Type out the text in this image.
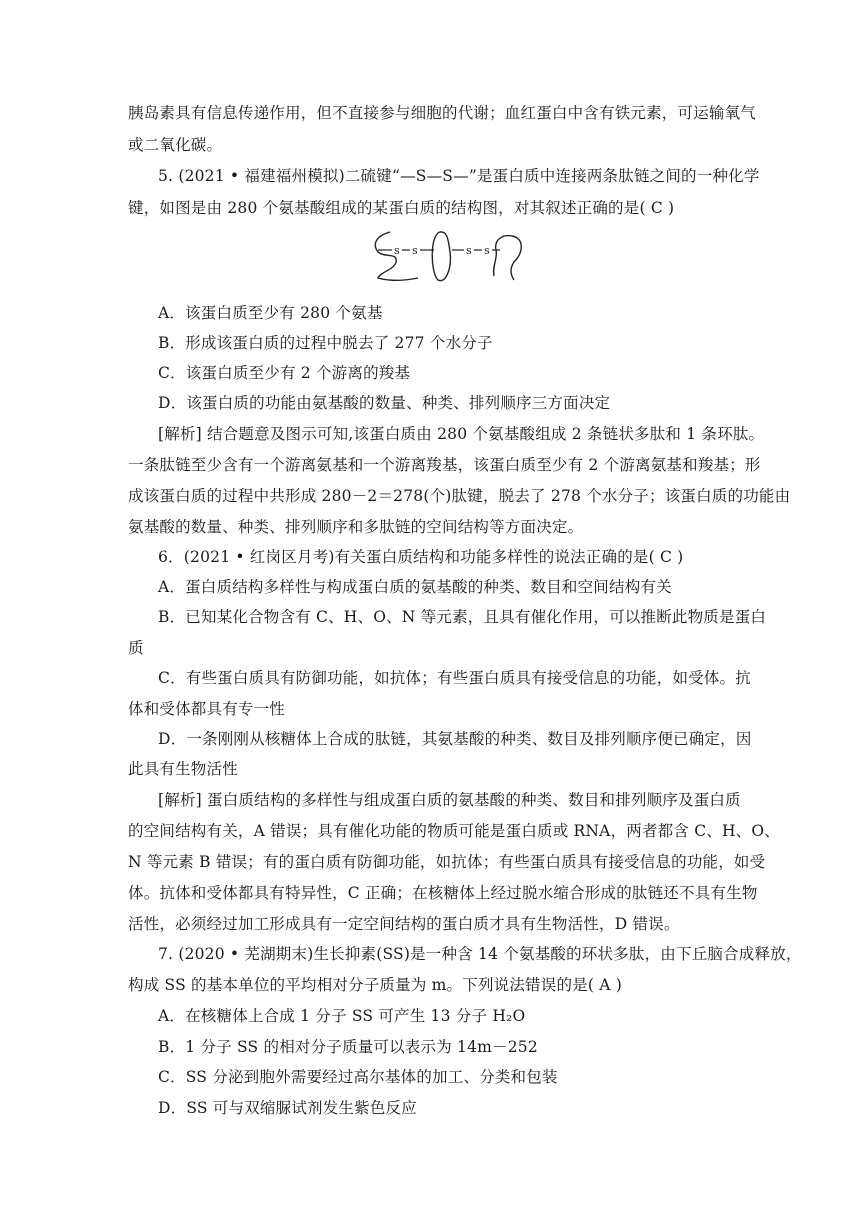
胰岛素具有信息传递作用，但不直接参与细胞的代谢；血红蛋白中含有铁元素，可运输氧气
或二氧化碳。
5. (2021 • 福建福州模拟)二硫键“—S—S—”是蛋白质中连接两条肽链之间的一种化学
键，如图是由 280 个氨基酸组成的某蛋白质的结构图，对其叙述正确的是( C )
s s	s s
A．该蛋白质至少有 280 个氨基
B．形成该蛋白质的过程中脱去了 277 个水分子
C．该蛋白质至少有 2 个游离的羧基
D．该蛋白质的功能由氨基酸的数量、种类、排列顺序三方面决定
[解析] 结合题意及图示可知,该蛋白质由 280 个氨基酸组成 2 条链状多肽和 1 条环肽。
一条肽链至少含有一个游离氨基和一个游离羧基，该蛋白质至少有 2 个游离氨基和羧基；形
成该蛋白质的过程中共形成 280－2＝278(个)肽键，脱去了 278 个水分子；该蛋白质的功能由
氨基酸的数量、种类、排列顺序和多肽链的空间结构等方面决定。
6．(2021 • 红岗区月考)有关蛋白质结构和功能多样性的说法正确的是( C )
A．蛋白质结构多样性与构成蛋白质的氨基酸的种类、数目和空间结构有关
B．已知某化合物含有 C、H、O、N 等元素，且具有催化作用，可以推断此物质是蛋白
质
C．有些蛋白质具有防御功能，如抗体；有些蛋白质具有接受信息的功能，如受体。抗
体和受体都具有专一性
D．一条刚刚从核糖体上合成的肽链，其氨基酸的种类、数目及排列顺序便已确定，因
此具有生物活性
[解析] 蛋白质结构的多样性与组成蛋白质的氨基酸的种类、数目和排列顺序及蛋白质
的空间结构有关，A 错误；具有催化功能的物质可能是蛋白质或 RNA，两者都含 C、H、O、
N 等元素 B 错误；有的蛋白质有防御功能，如抗体；有些蛋白质具有接受信息的功能，如受
体。抗体和受体都具有特异性，C 正确；在核糖体上经过脱水缩合形成的肽链还不具有生物
活性，必须经过加工形成具有一定空间结构的蛋白质才具有生物活性，D 错误。
7. (2020 • 芜湖期末)生长抑素(SS)是一种含 14 个氨基酸的环状多肽，由下丘脑合成释放，
构成 SS 的基本单位的平均相对分子质量为 m。下列说法错误的是( A )
A．在核糖体上合成 1 分子 SS 可产生 13 分子 H₂O
B．1 分子 SS 的相对分子质量可以表示为 14m－252
C．SS 分泌到胞外需要经过高尔基体的加工、分类和包装
D．SS 可与双缩脲试剂发生紫色反应
